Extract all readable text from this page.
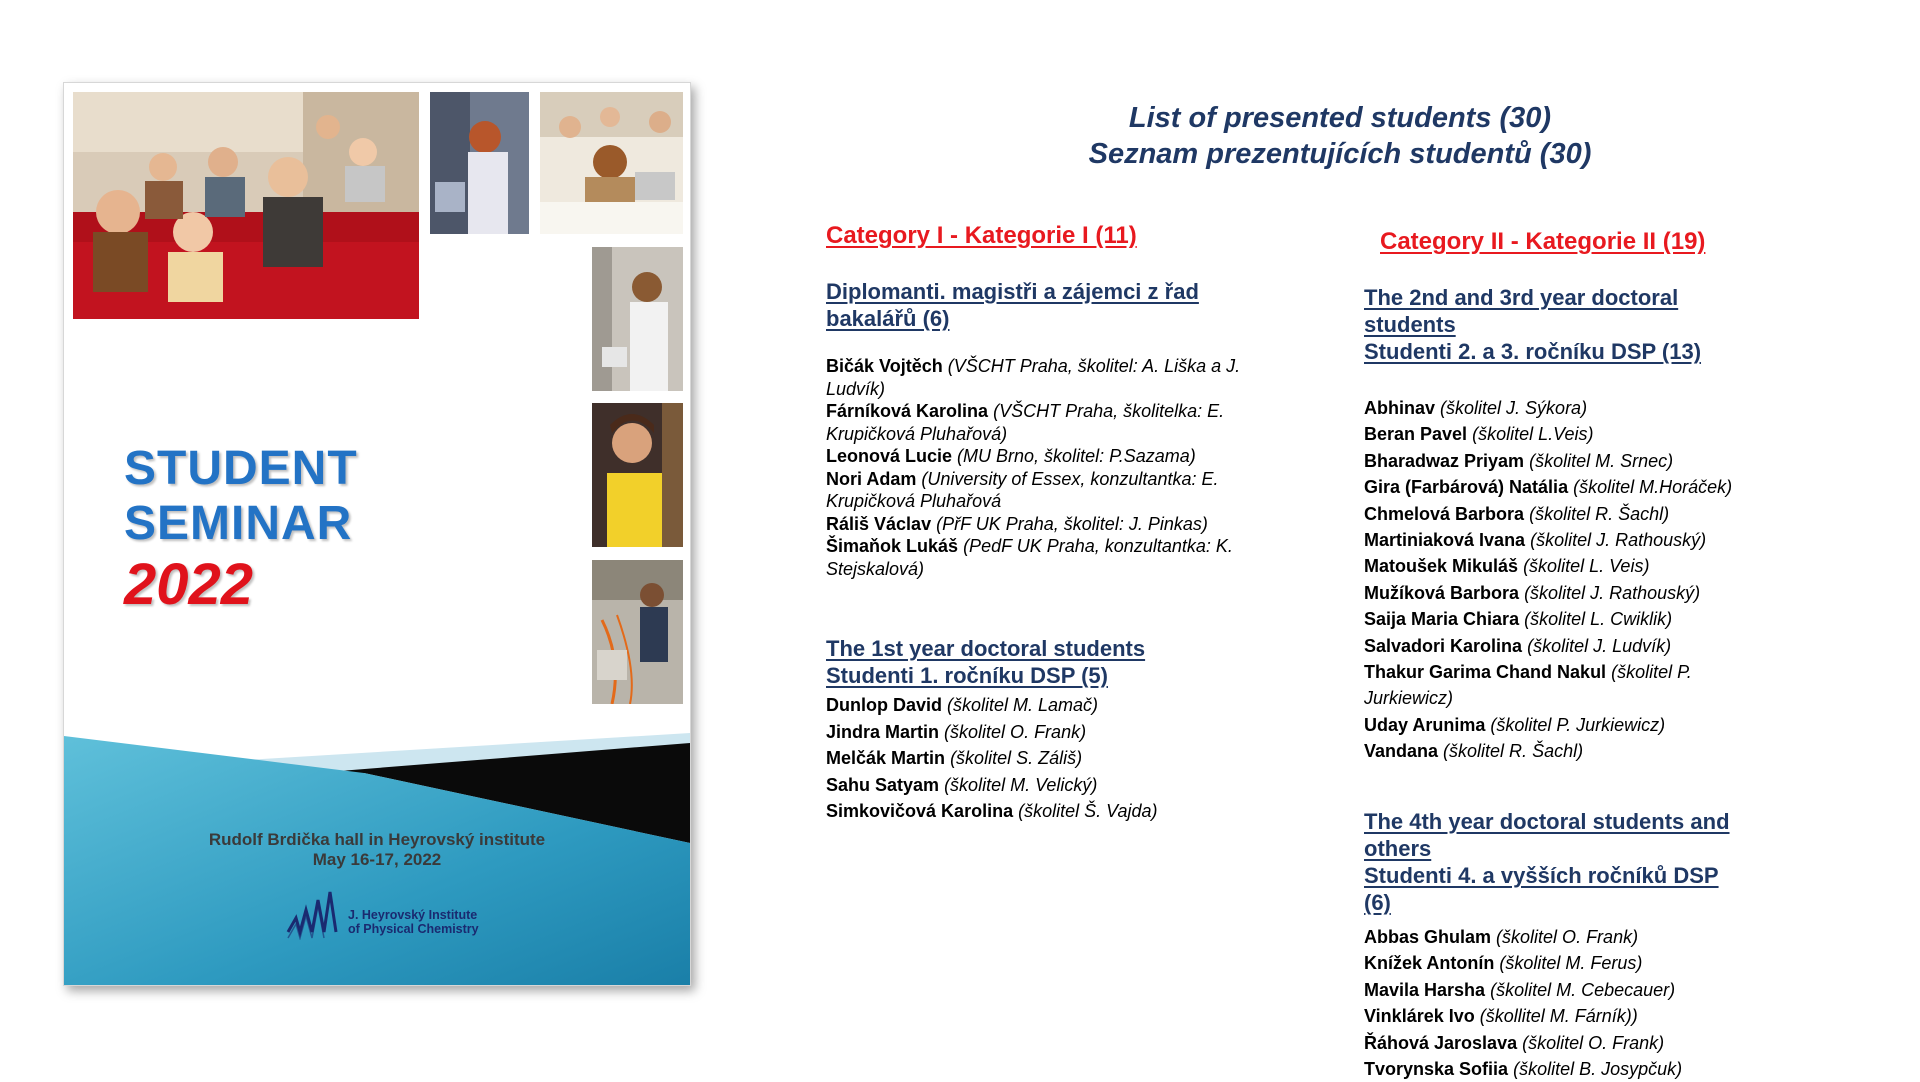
STUDENT
SEMINAR
2022
Rudolf Brdička hall in Heyrovský institute
May 16-17, 2022
J. Heyrovský Institute
of Physical Chemistry
List of presented students (30)
Seznam prezentujících studentů (30)
Category I - Kategorie I (11)
Diplomanti. magistři a zájemci z řad
bakalářů (6)
Bičák Vojtěch (VŠCHT Praha, školitel: A. Liška a J. Ludvík)
Fárníková Karolina (VŠCHT Praha, školitelka: E. Krupičková Pluhařová)
Leonová Lucie (MU Brno, školitel: P.Sazama)
Nori Adam (University of Essex, konzultantka: E. Krupičková Pluhařová
Ráliš Václav (PřF UK Praha, školitel: J. Pinkas)
Šimaňok Lukáš (PedF UK Praha, konzultantka: K. Stejskalová)
The 1st year doctoral students
Studenti 1. ročníku DSP (5)
Dunlop David (školitel M. Lamač)
Jindra Martin (školitel O. Frank)
Melčák Martin (školitel S. Záliš)
Sahu Satyam (školitel M. Velický)
Simkovičová Karolina (školitel Š. Vajda)
Category II - Kategorie II (19)
The 2nd and 3rd year doctoral
students
Studenti 2. a 3. ročníku DSP (13)
Abhinav (školitel J. Sýkora)
Beran Pavel (školitel L.Veis)
Bharadwaz Priyam (školitel M. Srnec)
Gira (Farbárová) Natália (školitel M.Horáček)
Chmelová Barbora (školitel R. Šachl)
Martiniaková Ivana (školitel J. Rathouský)
Matoušek Mikuláš (školitel L. Veis)
Mužíková Barbora (školitel J. Rathouský)
Saija Maria Chiara (školitel L. Cwiklik)
Salvadori Karolina (školitel J. Ludvík)
Thakur Garima Chand Nakul (školitel P. Jurkiewicz)
Uday Arunima (školitel P. Jurkiewicz)
Vandana (školitel R. Šachl)
The 4th year doctoral students and
others
Studenti 4. a vyšších ročníků DSP
(6)
Abbas Ghulam (školitel O. Frank)
Knížek Antonín (školitel M. Ferus)
Mavila Harsha (školitel M. Cebecauer)
Vinklárek Ivo (škollitel M. Fárník))
Řáhová Jaroslava (školitel O. Frank)
Tvorynska Sofiia (školitel B. Josypčuk)
